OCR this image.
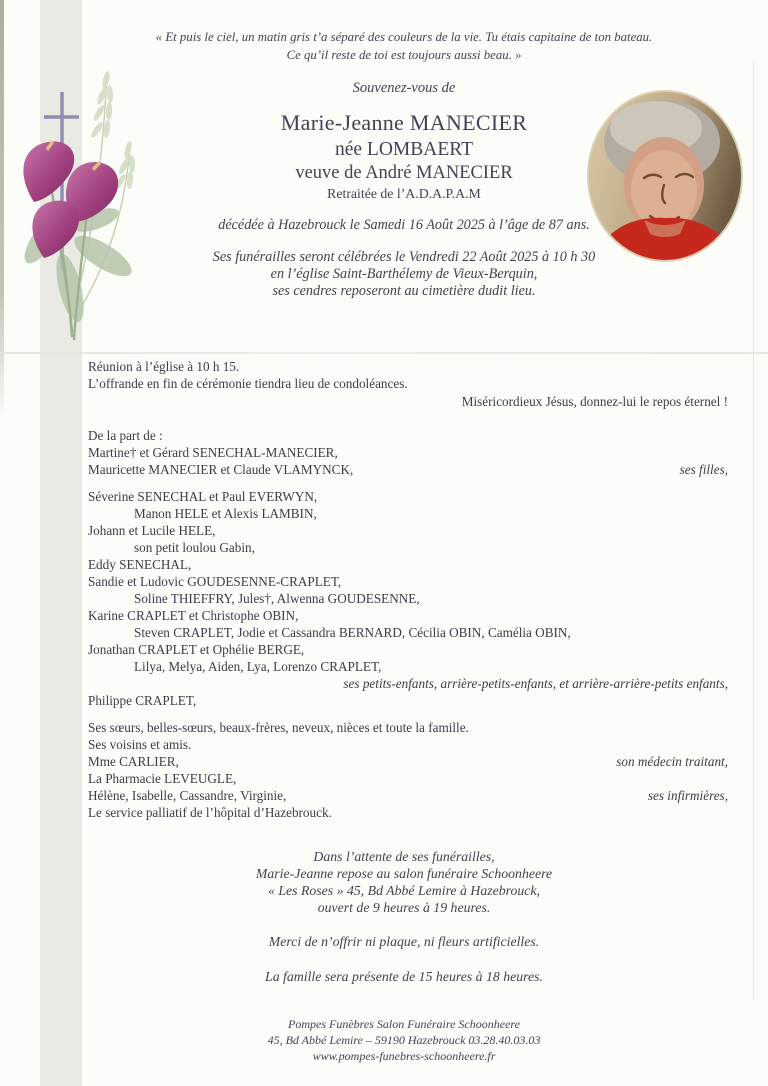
« Et puis le ciel, un matin gris t’a séparé des couleurs de la vie. Tu étais capitaine de ton bateau.
Ce qu’il reste de toi est toujours aussi beau. »
Souvenez-vous de
Marie-Jeanne MANECIER
née LOMBAERT
veuve de André MANECIER
Retraitée de l’A.D.A.P.A.M
décédée à Hazebrouck le Samedi 16 Août 2025 à l’âge de 87 ans.
Ses funérailles seront célébrées le Vendredi 22 Août 2025 à 10 h 30
en l’église Saint-Barthélemy de Vieux-Berquin,
ses cendres reposeront au cimetière dudit lieu.
Réunion à l’église à 10 h 15.
L’offrande en fin de cérémonie tiendra lieu de condoléances.
Miséricordieux Jésus, donnez-lui le repos éternel !
De la part de :
Martine† et Gérard SENECHAL-MANECIER,
Mauricette MANECIER et Claude VLAMYNCK,	ses filles,
Séverine SENECHAL et Paul EVERWYN,
Manon HELE et Alexis LAMBIN,
Johann et Lucile HELE,
son petit loulou Gabin,
Eddy SENECHAL,
Sandie et Ludovic GOUDESENNE-CRAPLET,
Soline THIEFFRY, Jules†, Alwenna GOUDESENNE,
Karine CRAPLET et Christophe OBIN,
Steven CRAPLET, Jodie et Cassandra BERNARD, Cécilia OBIN, Camélia OBIN,
Jonathan CRAPLET et Ophélie BERGE,
Lilya, Melya, Aiden, Lya, Lorenzo CRAPLET,
ses petits-enfants, arrière-petits-enfants, et arrière-arrière-petits enfants,
Philippe CRAPLET,
Ses sœurs, belles-sœurs, beaux-frères, neveux, nièces et toute la famille.
Ses voisins et amis.
Mme CARLIER,	son médecin traitant,
La Pharmacie LEVEUGLE,
Hélène, Isabelle, Cassandre, Virginie,	ses infirmières,
Le service palliatif de l’hôpital d’Hazebrouck.
Dans l’attente de ses funérailles,
Marie-Jeanne repose au salon funéraire Schoonheere
« Les Roses » 45, Bd Abbé Lemire à Hazebrouck,
ouvert de 9 heures à 19 heures.
Merci de n’offrir ni plaque, ni fleurs artificielles.
La famille sera présente de 15 heures à 18 heures.
Pompes Funèbres Salon Funéraire Schoonheere
45, Bd Abbé Lemire – 59190 Hazebrouck 03.28.40.03.03
www.pompes-funebres-schoonheere.fr
